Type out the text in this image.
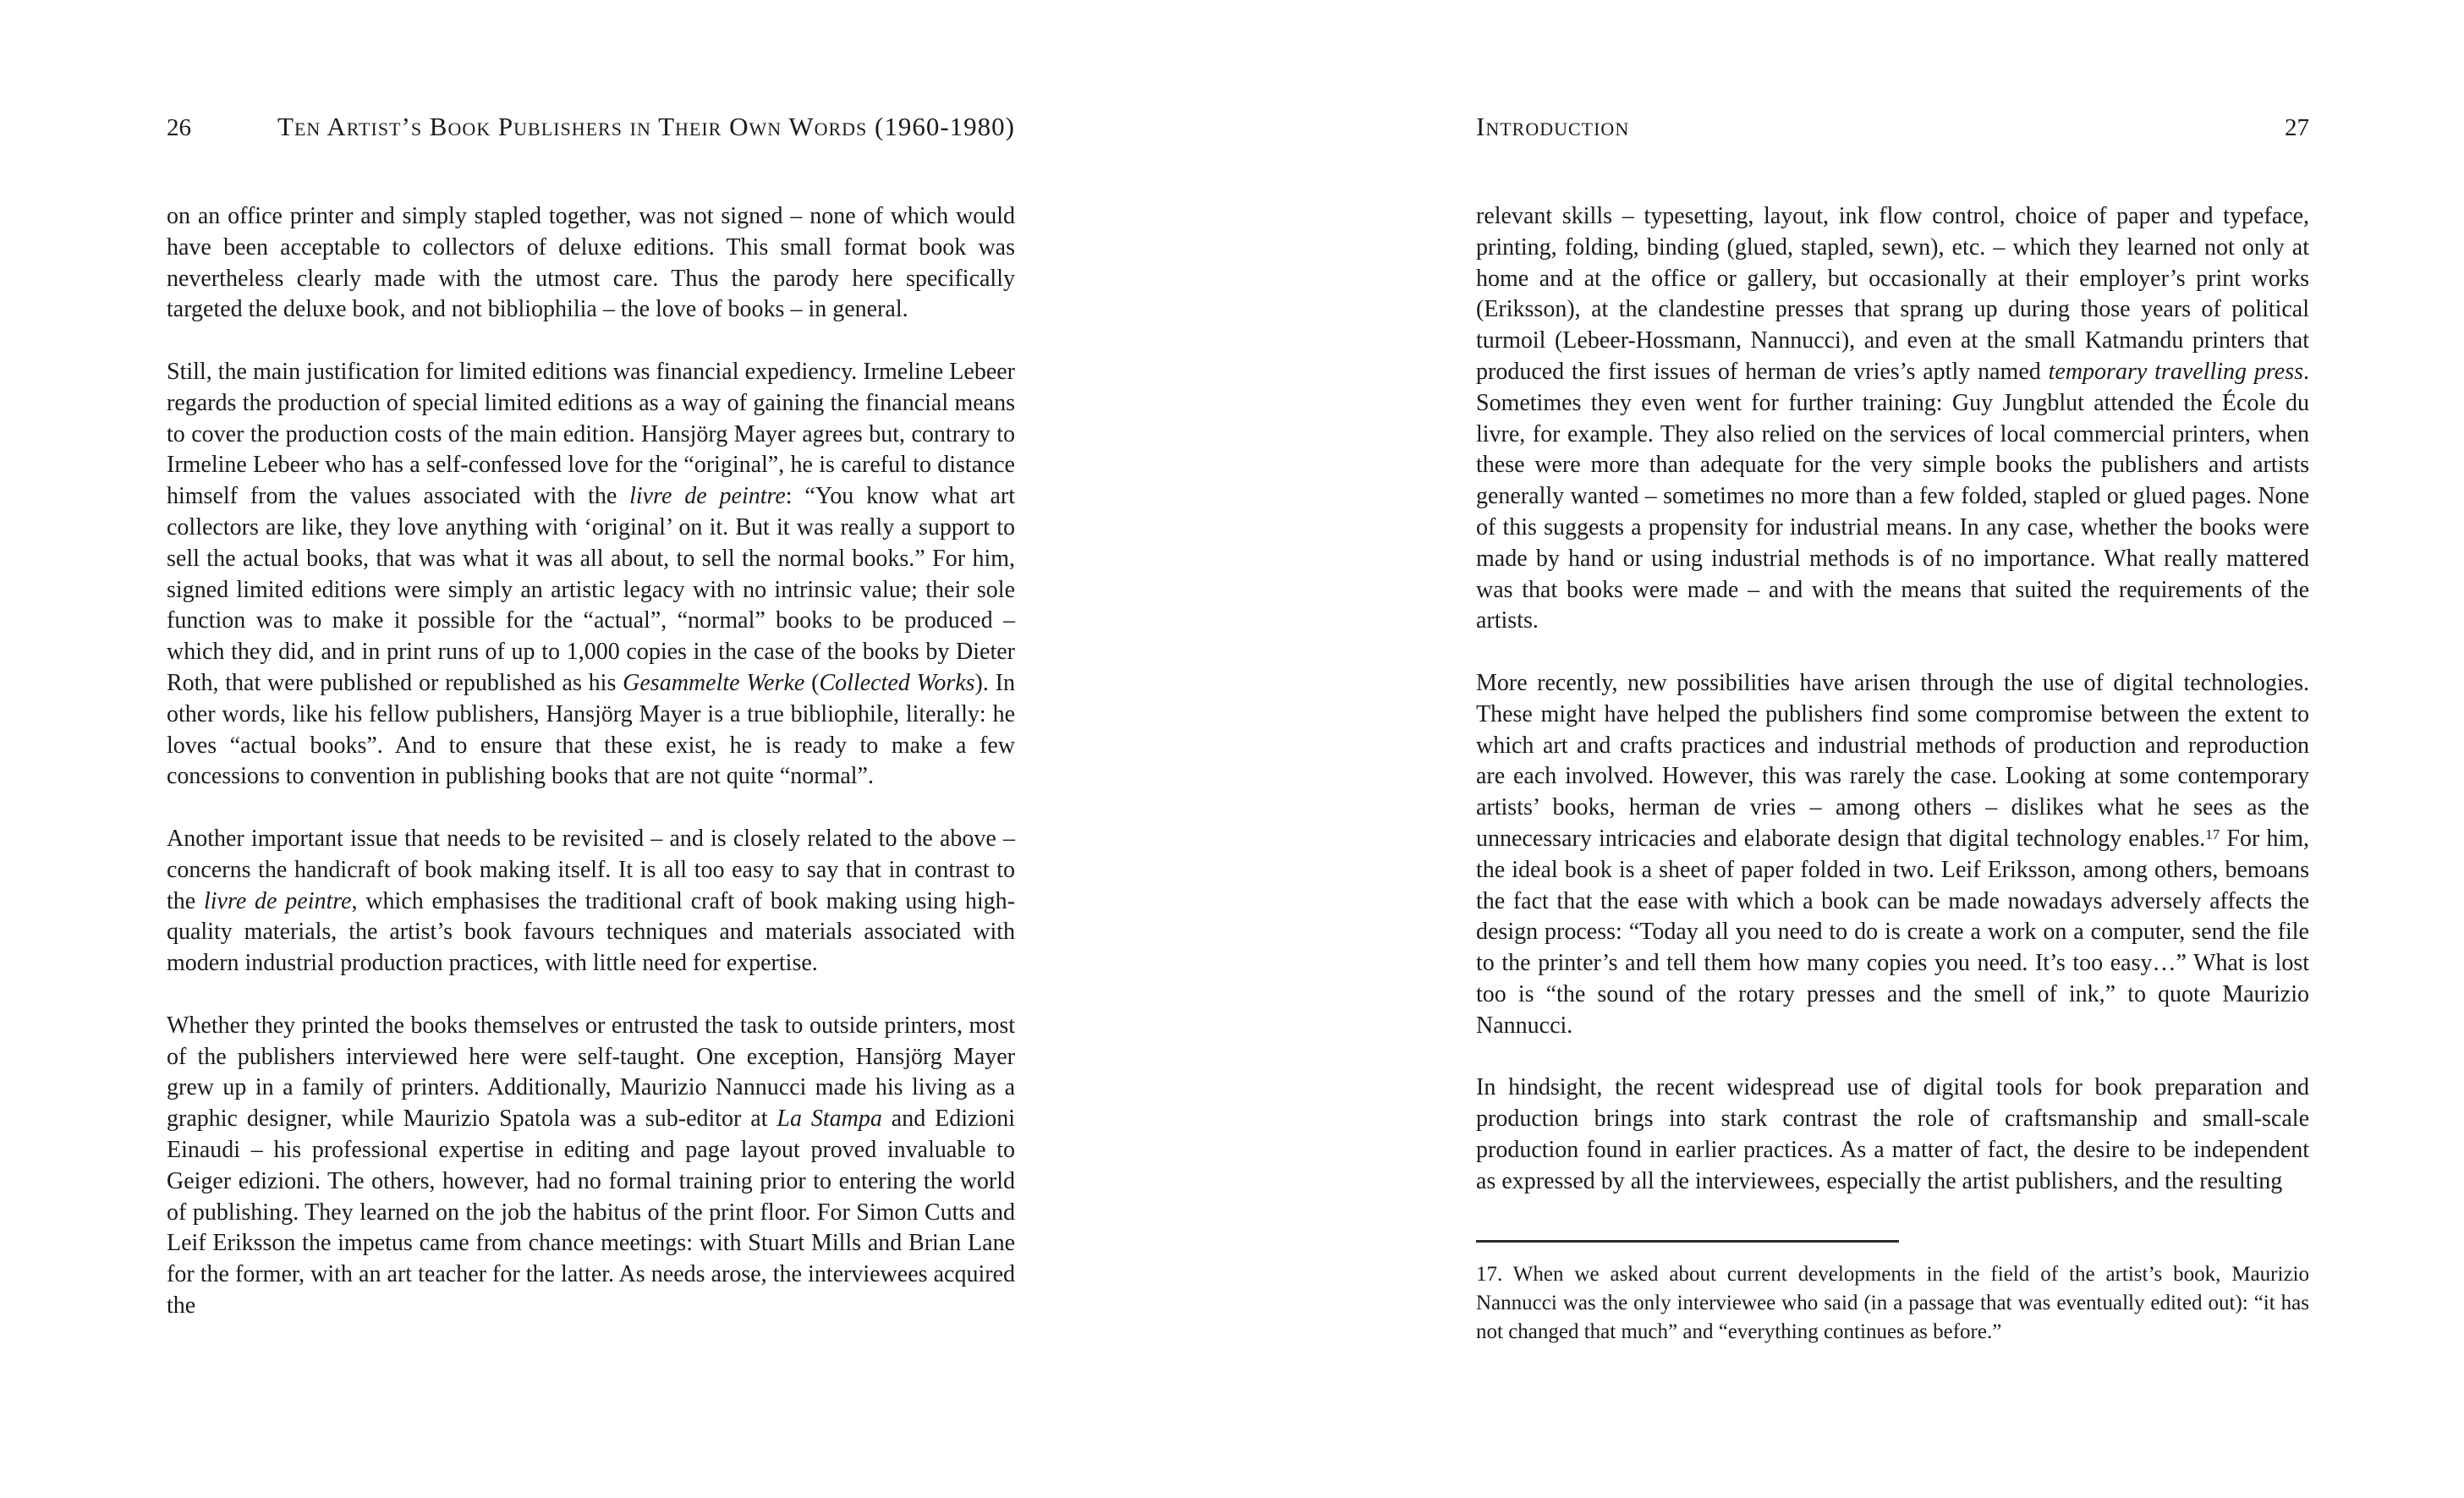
26	Ten Artist’s Book Publishers in Their Own Words (1960-1980)

on an office printer and simply stapled together, was not signed – none of which would have been acceptable to collectors of deluxe editions. This small format book was nevertheless clearly made with the utmost care. Thus the parody here specifically targeted the deluxe book, and not bibliophilia – the love of books – in general.

Still, the main justification for limited editions was financial expediency. Irmeline Lebeer regards the production of special limited editions as a way of gaining the financial means to cover the production costs of the main edition. Hansjörg Mayer agrees but, contrary to Irmeline Lebeer who has a self-confessed love for the “original”, he is careful to distance himself from the values associated with the livre de peintre: “You know what art collectors are like, they love anything with ‘original’ on it. But it was really a support to sell the actual books, that was what it was all about, to sell the normal books.” For him, signed limited editions were simply an artistic legacy with no intrinsic value; their sole function was to make it possible for the “actual”, “normal” books to be produced – which they did, and in print runs of up to 1,000 copies in the case of the books by Dieter Roth, that were published or republished as his Gesammelte Werke (Collected Works). In other words, like his fellow publishers, Hansjörg Mayer is a true bibliophile, literally: he loves “actual books”. And to ensure that these exist, he is ready to make a few concessions to convention in publishing books that are not quite “normal”.

Another important issue that needs to be revisited – and is closely related to the above – concerns the handicraft of book making itself. It is all too easy to say that in contrast to the livre de peintre, which emphasises the traditional craft of book making using high-quality materials, the artist’s book favours techniques and materials associated with modern industrial production practices, with little need for expertise.

Whether they printed the books themselves or entrusted the task to outside printers, most of the publishers interviewed here were self-taught. One exception, Hansjörg Mayer grew up in a family of printers. Additionally, Maurizio Nannucci made his living as a graphic designer, while Maurizio Spatola was a sub-editor at La Stampa and Edizioni Einaudi – his professional expertise in editing and page layout proved invaluable to Geiger edizioni. The others, however, had no formal training prior to entering the world of publishing. They learned on the job the habitus of the print floor. For Simon Cutts and Leif Eriksson the impetus came from chance meetings: with Stuart Mills and Brian Lane for the former, with an art teacher for the latter. As needs arose, the interviewees acquired the

Introduction	27

relevant skills – typesetting, layout, ink flow control, choice of paper and typeface, printing, folding, binding (glued, stapled, sewn), etc. – which they learned not only at home and at the office or gallery, but occasionally at their employer’s print works (Eriksson), at the clandestine presses that sprang up during those years of political turmoil (Lebeer-Hossmann, Nannucci), and even at the small Katmandu printers that produced the first issues of herman de vries’s aptly named temporary travelling press. Sometimes they even went for further training: Guy Jungblut attended the École du livre, for example. They also relied on the services of local commercial printers, when these were more than adequate for the very simple books the publishers and artists generally wanted – sometimes no more than a few folded, stapled or glued pages. None of this suggests a propensity for industrial means. In any case, whether the books were made by hand or using industrial methods is of no importance. What really mattered was that books were made – and with the means that suited the requirements of the artists.

More recently, new possibilities have arisen through the use of digital technologies. These might have helped the publishers find some compromise between the extent to which art and crafts practices and industrial methods of production and reproduction are each involved. However, this was rarely the case. Looking at some contemporary artists’ books, herman de vries – among others – dislikes what he sees as the unnecessary intricacies and elaborate design that digital technology enables.$^{17}$ For him, the ideal book is a sheet of paper folded in two. Leif Eriksson, among others, bemoans the fact that the ease with which a book can be made nowadays adversely affects the design process: “Today all you need to do is create a work on a computer, send the file to the printer’s and tell them how many copies you need. It’s too easy…” What is lost too is “the sound of the rotary presses and the smell of ink,” to quote Maurizio Nannucci.

In hindsight, the recent widespread use of digital tools for book preparation and production brings into stark contrast the role of craftsmanship and small-scale production found in earlier practices. As a matter of fact, the desire to be independent as expressed by all the interviewees, especially the artist publishers, and the resulting

17. When we asked about current developments in the field of the artist’s book, Maurizio Nannucci was the only interviewee who said (in a passage that was eventually edited out): “it has not changed that much” and “everything continues as before.”
